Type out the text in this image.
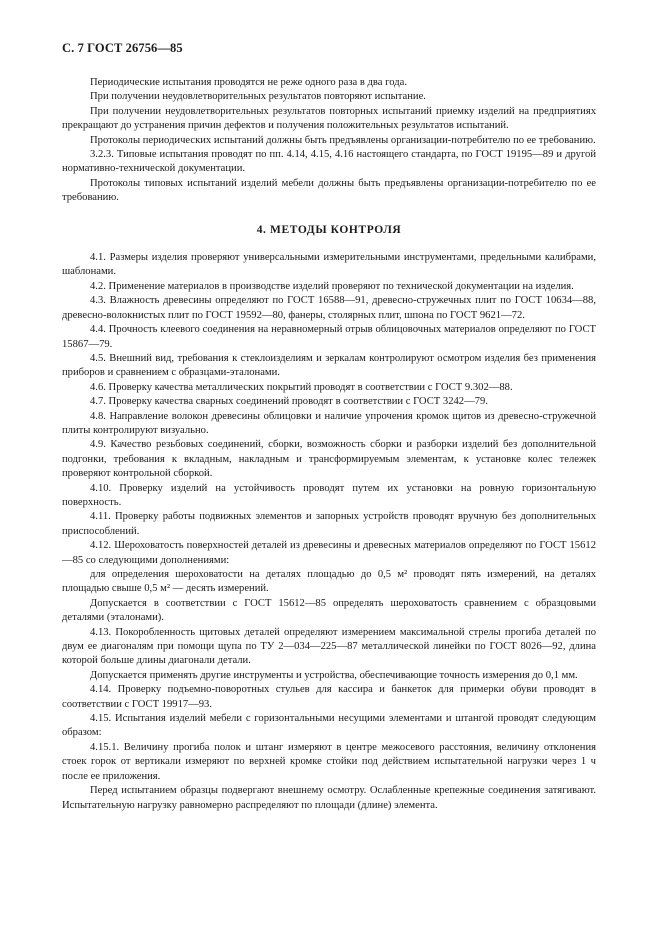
С. 7 ГОСТ 26756—85

Периодические испытания проводятся не реже одного раза в два года.

При получении неудовлетворительных результатов повторяют испытание.

При получении неудовлетворительных результатов повторных испытаний приемку изделий на предприятиях прекращают до устранения причин дефектов и получения положительных результатов испытаний.

Протоколы периодических испытаний должны быть предъявлены организации-потребителю по ее требованию.

3.2.3. Типовые испытания проводят по пп. 4.14, 4.15, 4.16 настоящего стандарта, по ГОСТ 19195—89 и другой нормативно-технической документации.

Протоколы типовых испытаний изделий мебели должны быть предъявлены организации-потребителю по ее требованию.

4. МЕТОДЫ КОНТРОЛЯ

4.1. Размеры изделия проверяют универсальными измерительными инструментами, предельными калибрами, шаблонами.

4.2. Применение материалов в производстве изделий проверяют по технической документации на изделия.

4.3. Влажность древесины определяют по ГОСТ 16588—91, древесно-стружечных плит по ГОСТ 10634—88, древесно-волокнистых плит по ГОСТ 19592—80, фанеры, столярных плит, шпона по ГОСТ 9621—72.

4.4. Прочность клеевого соединения на неравномерный отрыв облицовочных материалов определяют по ГОСТ 15867—79.

4.5. Внешний вид, требования к стеклоизделиям и зеркалам контролируют осмотром изделия без применения приборов и сравнением с образцами-эталонами.

4.6. Проверку качества металлических покрытий проводят в соответствии с ГОСТ 9.302—88.

4.7. Проверку качества сварных соединений проводят в соответствии с ГОСТ 3242—79.

4.8. Направление волокон древесины облицовки и наличие упрочения кромок щитов из древесно-стружечной плиты контролируют визуально.

4.9. Качество резьбовых соединений, сборки, возможность сборки и разборки изделий без дополнительной подгонки, требования к вкладным, накладным и трансформируемым элементам, к установке колес тележек проверяют контрольной сборкой.

4.10. Проверку изделий на устойчивость проводят путем их установки на ровную горизонтальную поверхность.

4.11. Проверку работы подвижных элементов и запорных устройств проводят вручную без дополнительных приспособлений.

4.12. Шероховатость поверхностей деталей из древесины и древесных материалов определяют по ГОСТ 15612—85 со следующими дополнениями:

для определения шероховатости на деталях площадью до 0,5 м² проводят пять измерений, на деталях площадью свыше 0,5 м² — десять измерений.

Допускается в соответствии с ГОСТ 15612—85 определять шероховатость сравнением с образцовыми деталями (эталонами).

4.13. Покоробленность щитовых деталей определяют измерением максимальной стрелы прогиба деталей по двум ее диагоналям при помощи щупа по ТУ 2—034—225—87 металлической линейки по ГОСТ 8026—92, длина которой больше длины диагонали детали.

Допускается применять другие инструменты и устройства, обеспечивающие точность измерения до 0,1 мм.

4.14. Проверку подъемно-поворотных стульев для кассира и банкеток для примерки обуви проводят в соответствии с ГОСТ 19917—93.

4.15. Испытания изделий мебели с горизонтальными несущими элементами и штангой проводят следующим образом:

4.15.1. Величину прогиба полок и штанг измеряют в центре межосевого расстояния, величину отклонения стоек горок от вертикали измеряют по верхней кромке стойки под действием испытательной нагрузки через 1 ч после ее приложения.

Перед испытанием образцы подвергают внешнему осмотру. Ослабленные крепежные соединения затягивают. Испытательную нагрузку равномерно распределяют по площади (длине) элемента.
